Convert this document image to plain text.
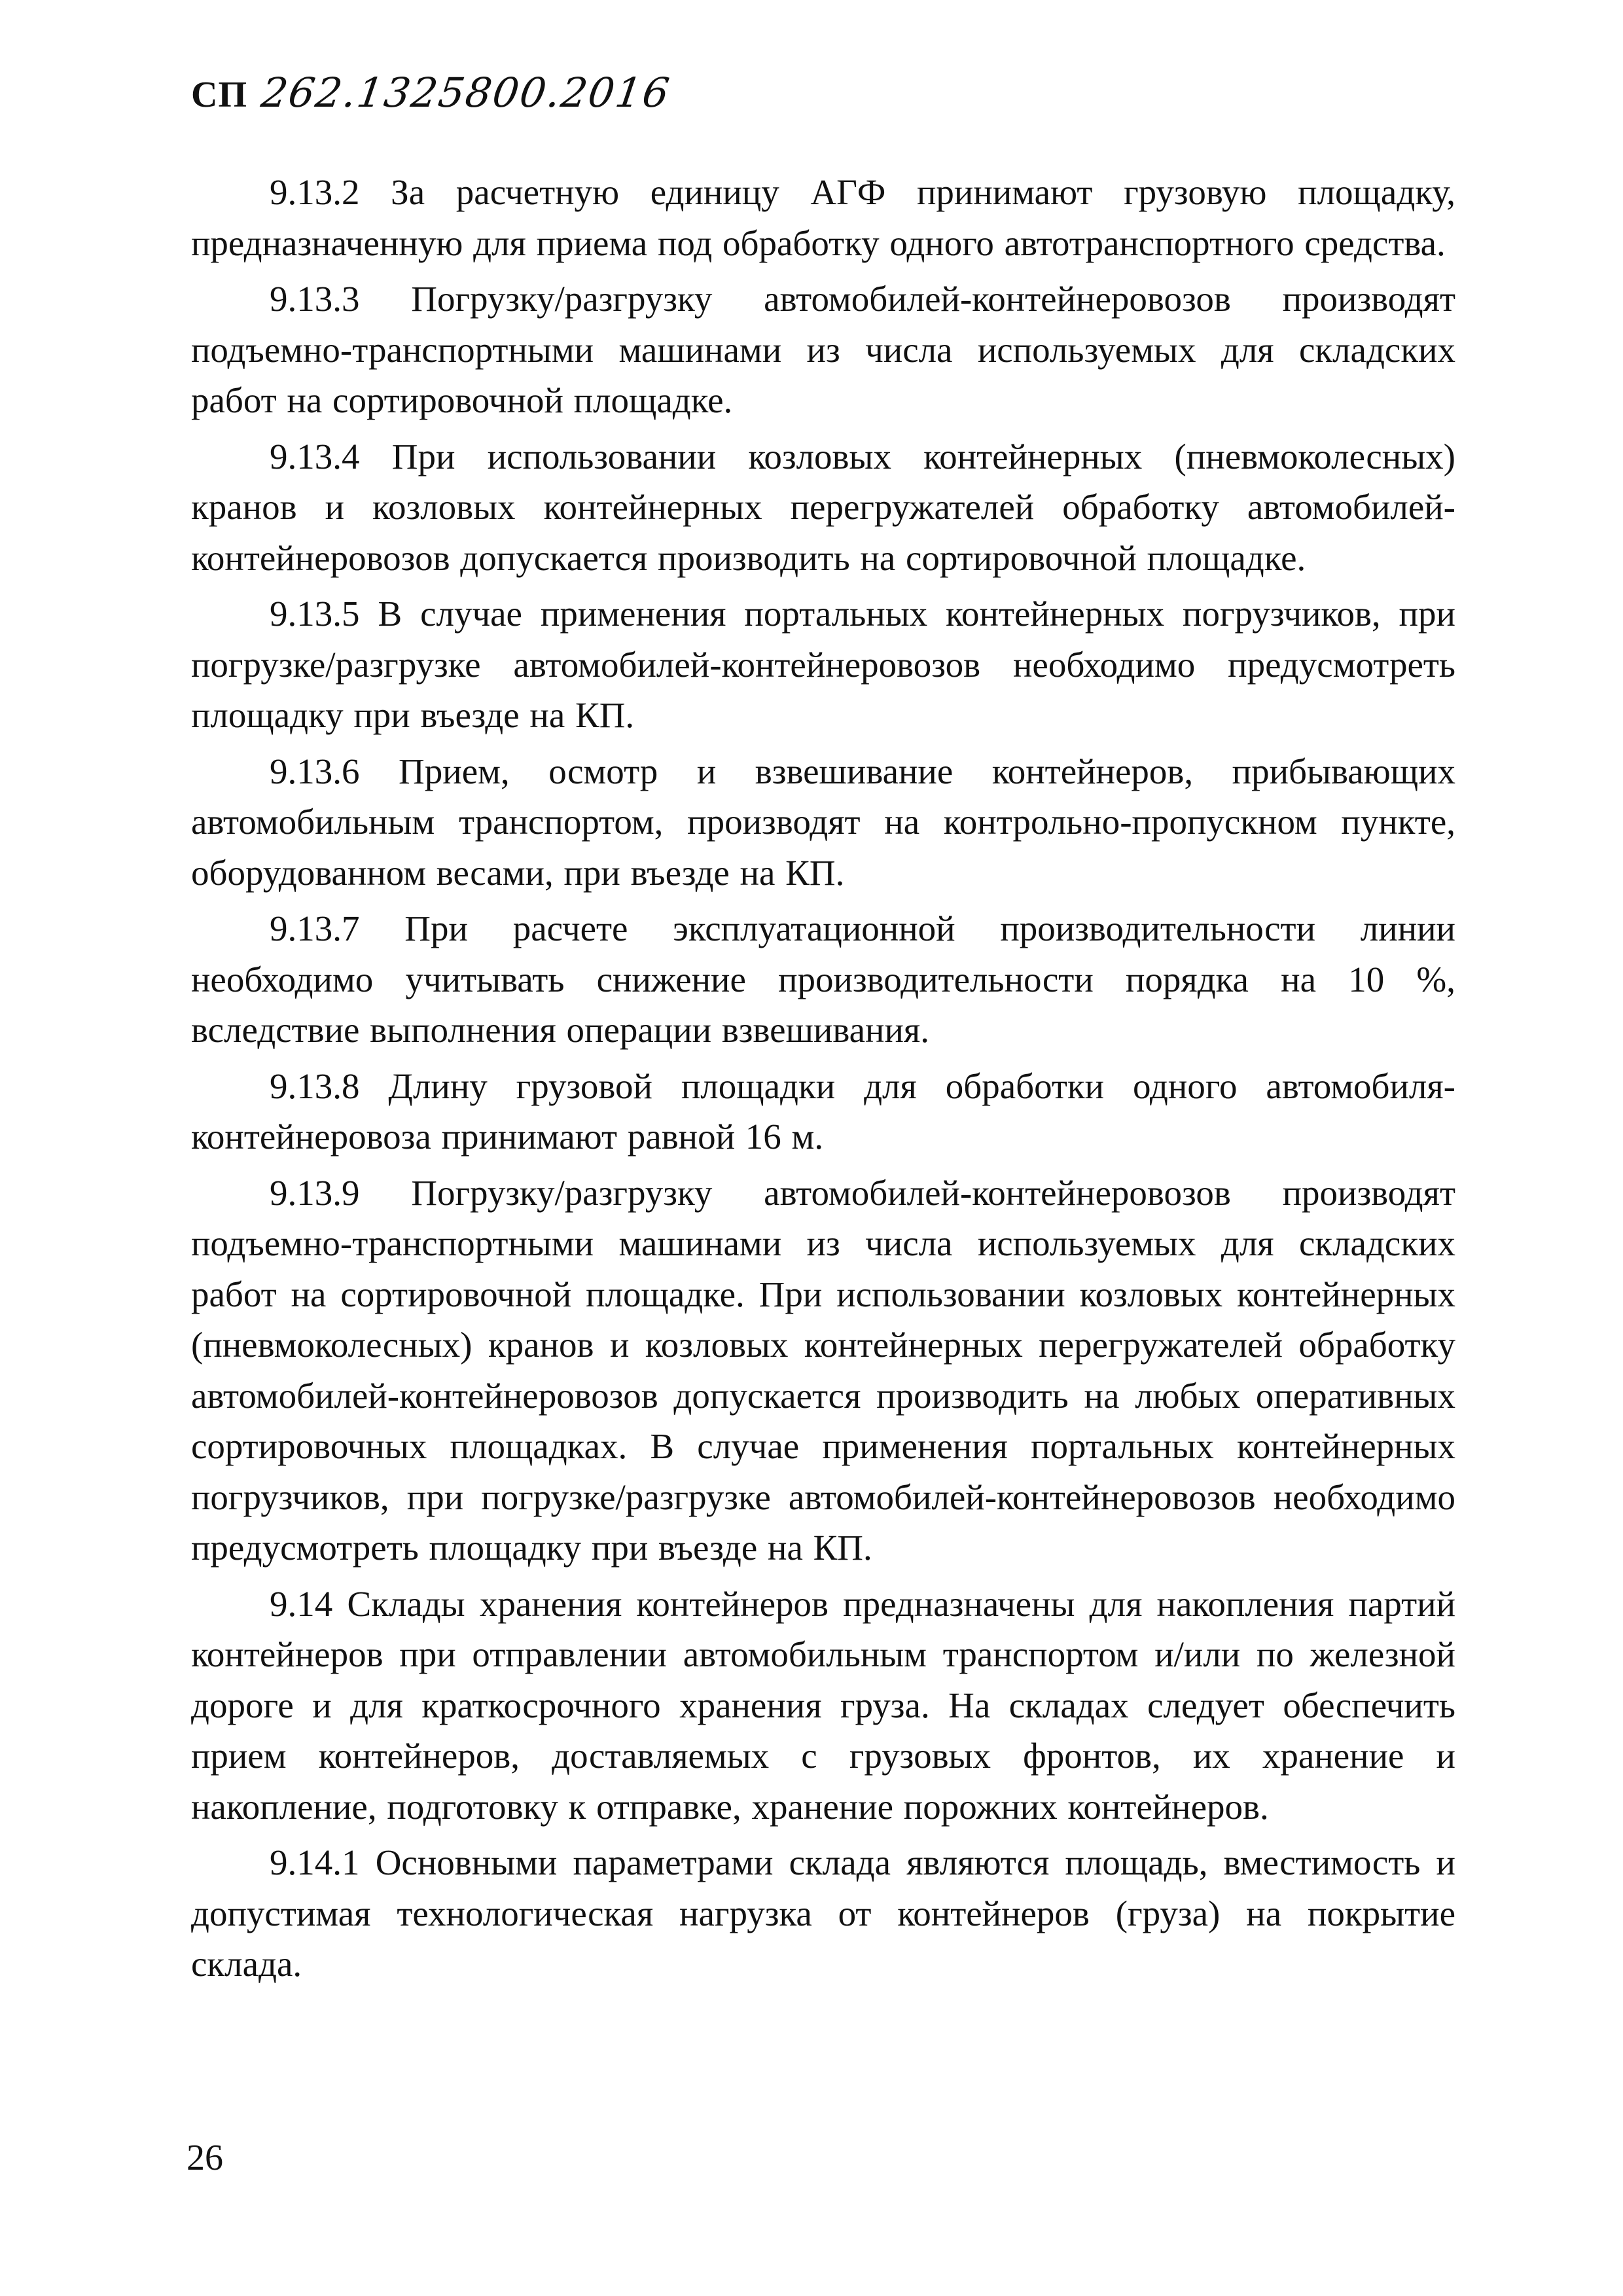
СП 262.1325800.2016

9.13.2 За расчетную единицу АГФ принимают грузовую площадку, предназначенную для приема под обработку одного автотранспортного средства.

9.13.3 Погрузку/разгрузку автомобилей-контейнеровозов производят подъемно-транспортными машинами из числа используемых для складских работ на сортировочной площадке.

9.13.4 При использовании козловых контейнерных (пневмоколесных) кранов и козловых контейнерных перегружателей обработку автомобилей-контейнеровозов допускается производить на сортировочной площадке.

9.13.5 В случае применения портальных контейнерных погрузчиков, при погрузке/разгрузке автомобилей-контейнеровозов необходимо предусмотреть площадку при въезде на КП.

9.13.6 Прием, осмотр и взвешивание контейнеров, прибывающих автомобильным транспортом, производят на контрольно-пропускном пункте, оборудованном весами, при въезде на КП.

9.13.7 При расчете эксплуатационной производительности линии необходимо учитывать снижение производительности порядка на 10 %, вследствие выполнения операции взвешивания.

9.13.8 Длину грузовой площадки для обработки одного автомобиля-контейнеровоза принимают равной 16 м.

9.13.9 Погрузку/разгрузку автомобилей-контейнеровозов производят подъемно-транспортными машинами из числа используемых для складских работ на сортировочной площадке. При использовании козловых контейнерных (пневмоколесных) кранов и козловых контейнерных перегружателей обработку автомобилей-контейнеровозов допускается производить на любых оперативных сортировочных площадках. В случае применения портальных контейнерных погрузчиков, при погрузке/разгрузке автомобилей-контейнеровозов необходимо предусмотреть площадку при въезде на КП.

9.14 Склады хранения контейнеров предназначены для накопления партий контейнеров при отправлении автомобильным транспортом и/или по железной дороге и для краткосрочного хранения груза. На складах следует обеспечить прием контейнеров, доставляемых с грузовых фронтов, их хранение и накопление, подготовку к отправке, хранение порожних контейнеров.

9.14.1 Основными параметрами склада являются площадь, вместимость и допустимая технологическая нагрузка от контейнеров (груза) на покрытие склада.

26
